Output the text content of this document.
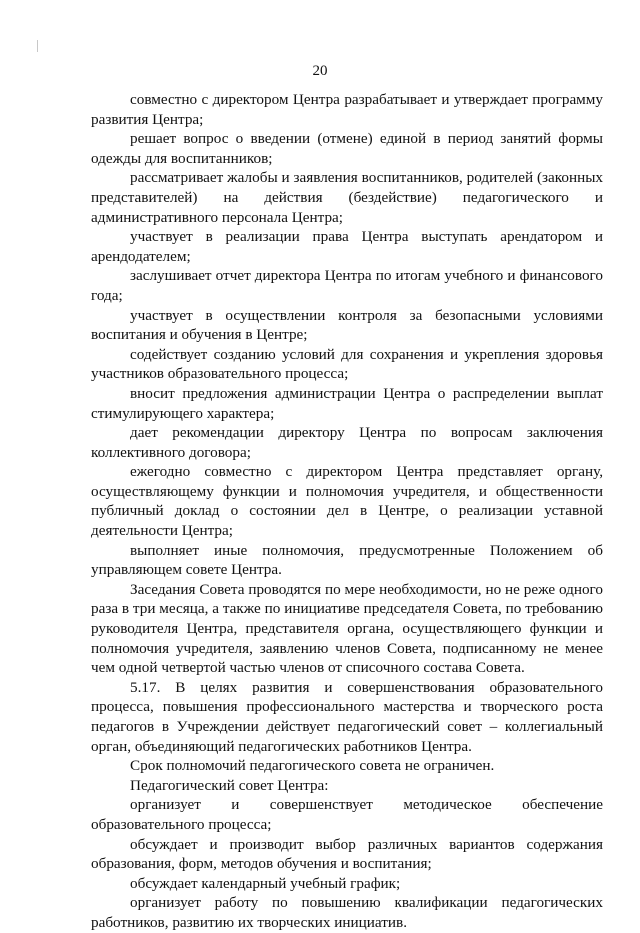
20

совместно с директором Центра разрабатывает и утверждает программу развития Центра;

решает вопрос о введении (отмене) единой в период занятий формы одежды для воспитанников;

рассматривает жалобы и заявления воспитанников, родителей (законных представителей) на действия (бездействие) педагогического и административного персонала Центра;

участвует в реализации права Центра выступать арендатором и арендодателем;

заслушивает отчет директора Центра по итогам учебного и финансового года;

участвует в осуществлении контроля за безопасными условиями воспитания и обучения в Центре;

содействует созданию условий для сохранения и укрепления здоровья участников образовательного процесса;

вносит предложения администрации Центра о распределении выплат стимулирующего характера;

дает рекомендации директору Центра по вопросам заключения коллективного договора;

ежегодно совместно с директором Центра представляет органу, осуществляющему функции и полномочия учредителя, и общественности публичный доклад о состоянии дел в Центре, о реализации уставной деятельности Центра;

выполняет иные полномочия, предусмотренные Положением об управляющем совете Центра.

Заседания Совета проводятся по мере необходимости, но не реже одного раза в три месяца, а также по инициативе председателя Совета, по требованию руководителя Центра, представителя органа, осуществляющего функции и полномочия учредителя, заявлению членов Совета, подписанному не менее чем одной четвертой частью членов от списочного состава Совета.

5.17. В целях развития и совершенствования образовательного процесса, повышения профессионального мастерства и творческого роста педагогов в Учреждении действует педагогический совет – коллегиальный орган, объединяющий педагогических работников Центра.

Срок полномочий педагогического совета не ограничен.

Педагогический совет Центра:

организует и совершенствует методическое обеспечение образовательного процесса;

обсуждает и производит выбор различных вариантов содержания образования, форм, методов обучения и воспитания;

обсуждает календарный учебный график;

организует работу по повышению квалификации педагогических работников, развитию их творческих инициатив.
